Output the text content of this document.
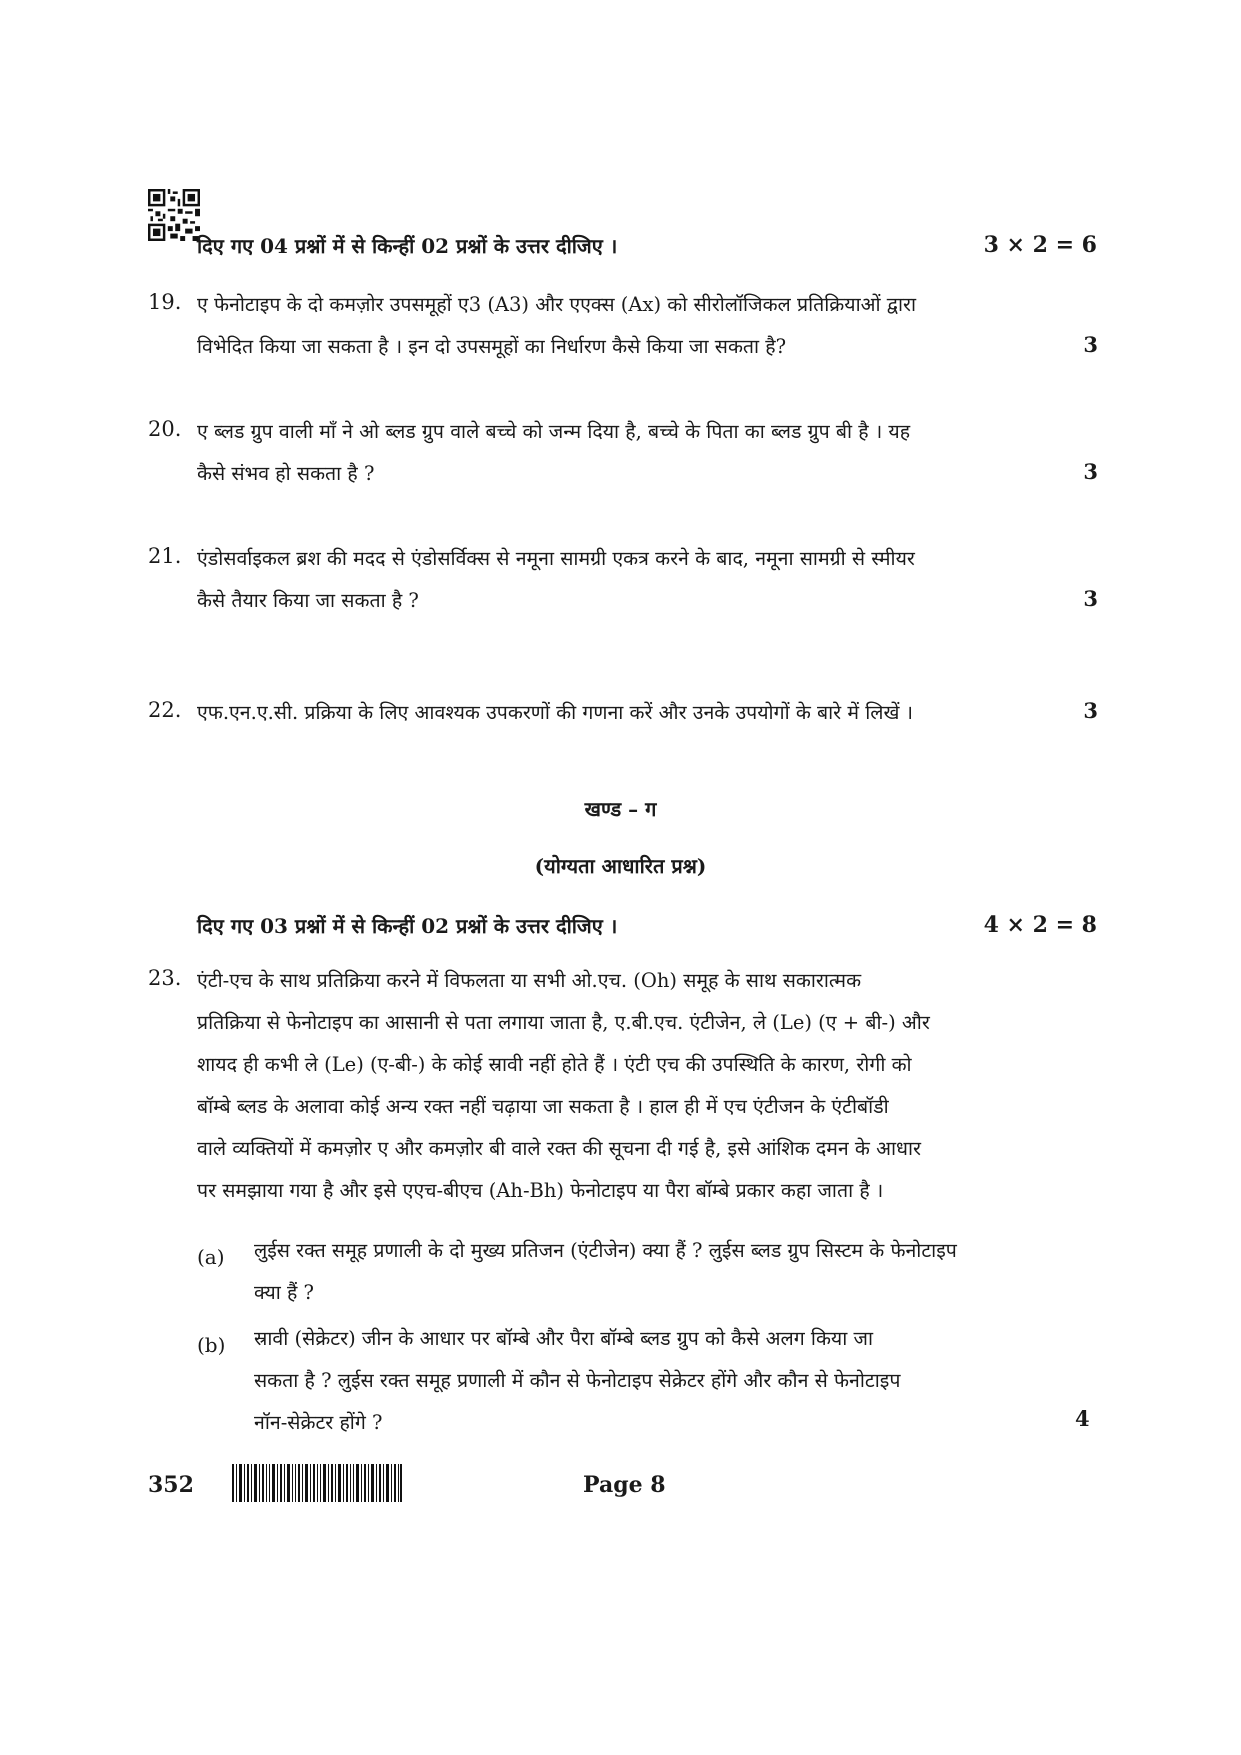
दिए गए 04 प्रश्नों में से किन्हीं 02 प्रश्नों के उत्तर दीजिए ।	3 × 2 = 6
19. ए फेनोटाइप के दो कमज़ोर उपसमूहों ए3 (A3) और एएक्स (Ax) को सीरोलॉजिकल प्रतिक्रियाओं द्वारा

विभेदित किया जा सकता है । इन दो उपसमूहों का निर्धारण कैसे किया जा सकता है?	3
20. ए ब्लड ग्रुप वाली माँ ने ओ ब्लड ग्रुप वाले बच्चे को जन्म दिया है, बच्चे के पिता का ब्लड ग्रुप बी है । यह

कैसे संभव हो सकता है ?	3
21. एंडोसर्वाइकल ब्रश की मदद से एंडोसर्विक्स से नमूना सामग्री एकत्र करने के बाद, नमूना सामग्री से स्मीयर

कैसे तैयार किया जा सकता है ?	3
22. एफ.एन.ए.सी. प्रक्रिया के लिए आवश्यक उपकरणों की गणना करें और उनके उपयोगों के बारे में लिखें ।	3
खण्ड – ग
(योग्यता आधारित प्रश्न)
दिए गए 03 प्रश्नों में से किन्हीं 02 प्रश्नों के उत्तर दीजिए ।	4 × 2 = 8
23. एंटी-एच के साथ प्रतिक्रिया करने में विफलता या सभी ओ.एच. (Oh) समूह के साथ सकारात्मक

प्रतिक्रिया से फेनोटाइप का आसानी से पता लगाया जाता है, ए.बी.एच. एंटीजेन, ले (Le) (ए + बी-) और

शायद ही कभी ले (Le) (ए-बी-) के कोई स्रावी नहीं होते हैं । एंटी एच की उपस्थिति के कारण, रोगी को

बॉम्बे ब्लड के अलावा कोई अन्य रक्त नहीं चढ़ाया जा सकता है । हाल ही में एच एंटीजन के एंटीबॉडी

वाले व्यक्तियों में कमज़ोर ए और कमज़ोर बी वाले रक्त की सूचना दी गई है, इसे आंशिक दमन के आधार

पर समझाया गया है और इसे एएच-बीएच (Ah-Bh) फेनोटाइप या पैरा बॉम्बे प्रकार कहा जाता है ।

(a) लुईस रक्त समूह प्रणाली के दो मुख्य प्रतिजन (एंटीजेन) क्या हैं ? लुईस ब्लड ग्रुप सिस्टम के फेनोटाइप

क्या हैं ?

(b) स्रावी (सेक्रेटर) जीन के आधार पर बॉम्बे और पैरा बॉम्बे ब्लड ग्रुप को कैसे अलग किया जा

सकता है ? लुईस रक्त समूह प्रणाली में कौन से फेनोटाइप सेक्रेटर होंगे और कौन से फेनोटाइप

नॉन-सेक्रेटर होंगे ?	4
352	Page 8
